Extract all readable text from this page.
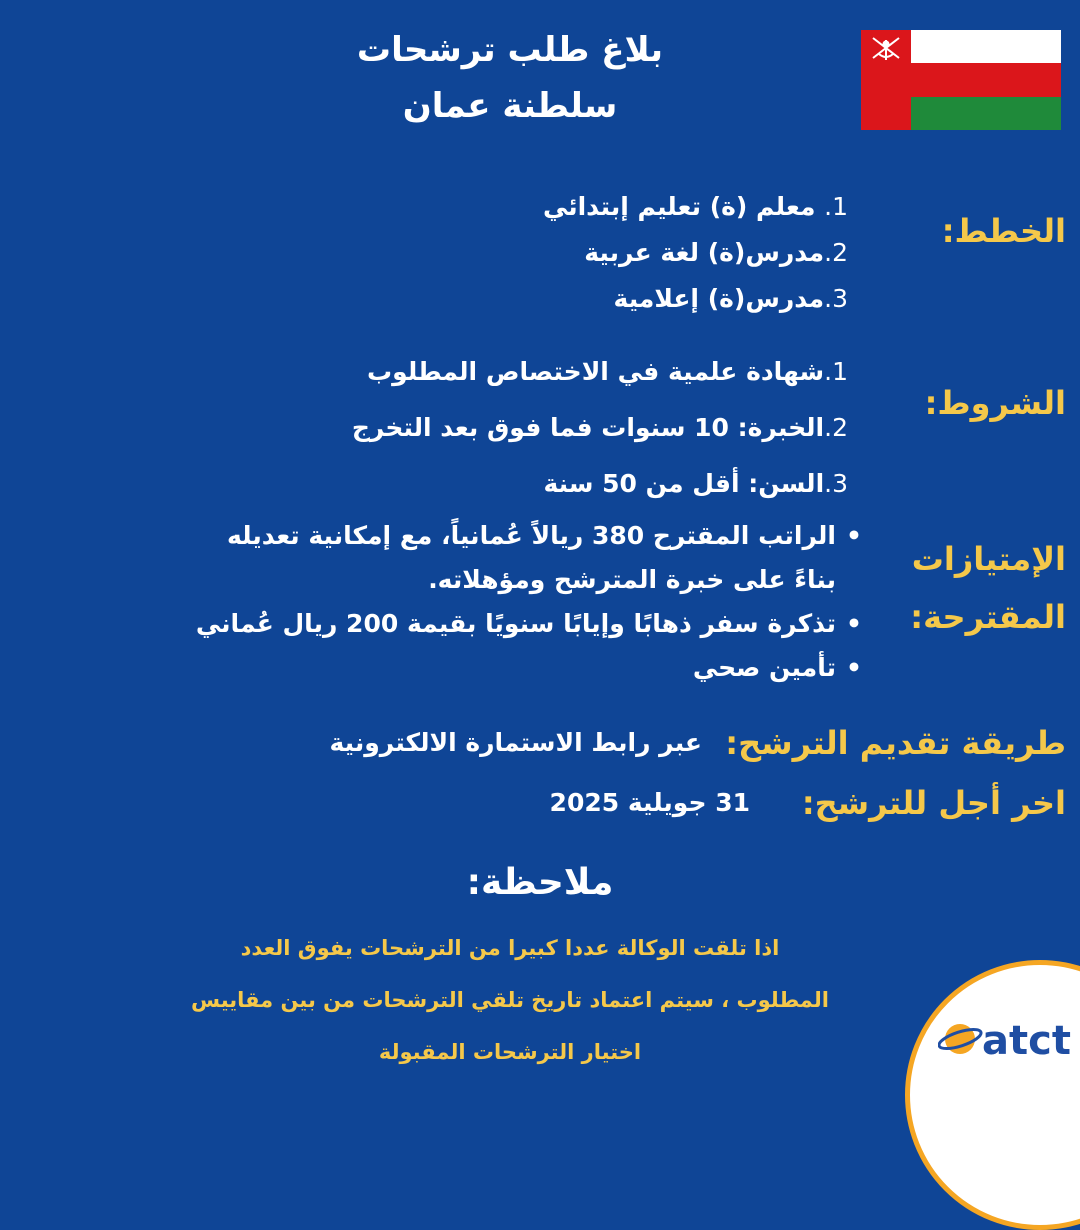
بلاغ طلب ترشحات
سلطنة عمان
الخطط:
1. معلم (ة) تعليم إبتدائي
2.مدرس(ة) لغة عربية
3.مدرس(ة) إعلامية
الشروط:
1.شهادة علمية في الاختصاص المطلوب
2.الخبرة: 10 سنوات فما فوق بعد التخرج
3.السن: أقل من 50 سنة
الإمتيازات
المقترحة:
• الراتب المقترح 380 ريالاً عُمانياً، مع إمكانية تعديله
بناءً على خبرة المترشح ومؤهلاته.
• تذكرة سفر ذهابًا وإيابًا سنويًا بقيمة 200 ريال عُماني
• تأمين صحي
طريقة تقديم الترشح:
عبر رابط الاستمارة الالكترونية
اخر أجل للترشح:
31 جويلية 2025
ملاحظة:
اذا تلقت الوكالة عددا كبيرا من الترشحات يفوق العدد
المطلوب ، سيتم اعتماد تاريخ تلقي الترشحات من بين مقاييس
اختيار الترشحات المقبولة	atct
